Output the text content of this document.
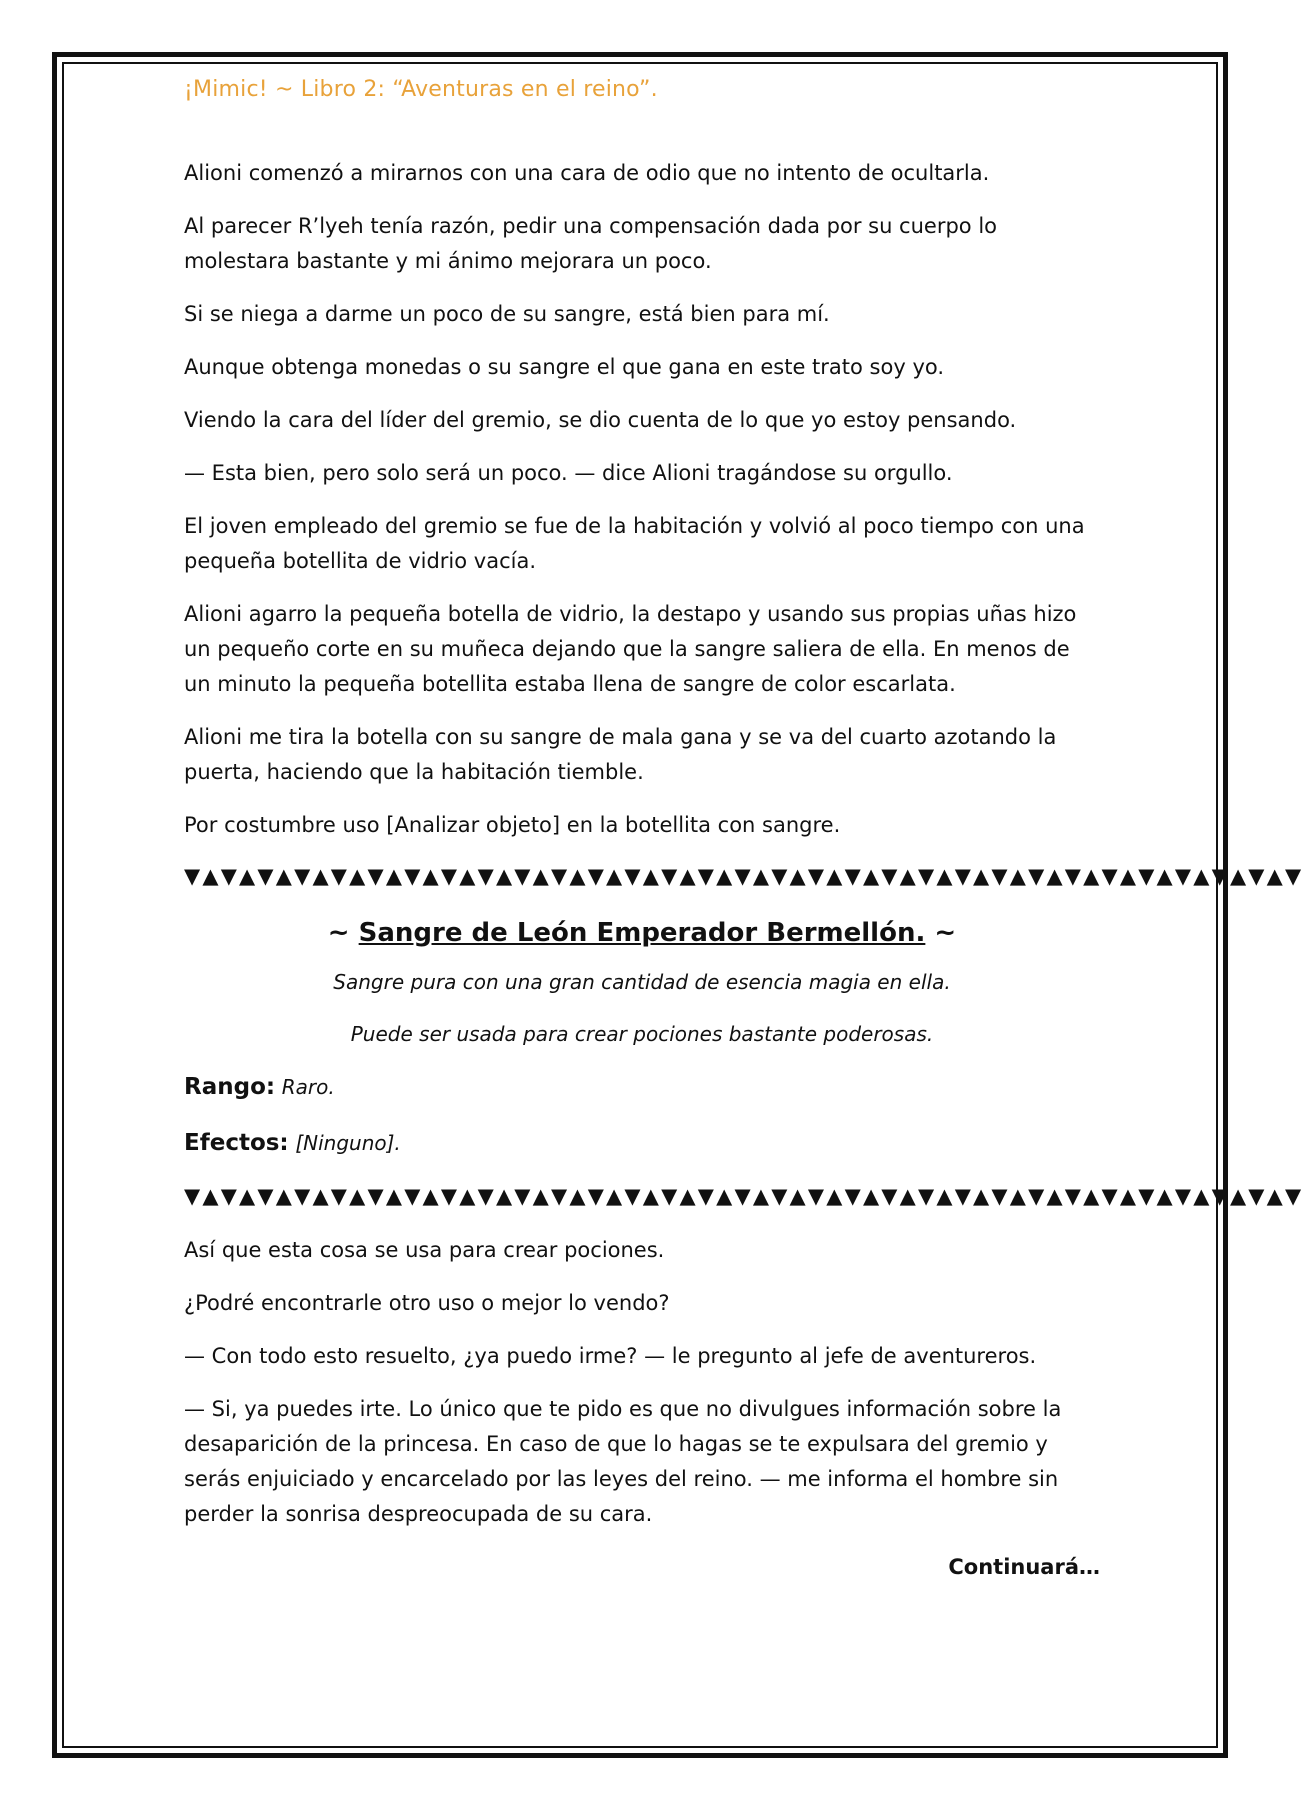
¡Mimic! ~ Libro 2: “Aventuras en el reino”.

Alioni comenzó a mirarnos con una cara de odio que no intento de ocultarla.

Al parecer R’lyeh tenía razón, pedir una compensación dada por su cuerpo lo molestara bastante y mi ánimo mejorara un poco.

Si se niega a darme un poco de su sangre, está bien para mí.

Aunque obtenga monedas o su sangre el que gana en este trato soy yo.

Viendo la cara del líder del gremio, se dio cuenta de lo que yo estoy pensando.

— Esta bien, pero solo será un poco. — dice Alioni tragándose su orgullo.

El joven empleado del gremio se fue de la habitación y volvió al poco tiempo con una pequeña botellita de vidrio vacía.

Alioni agarro la pequeña botella de vidrio, la destapo y usando sus propias uñas hizo un pequeño corte en su muñeca dejando que la sangre saliera de ella. En menos de un minuto la pequeña botellita estaba llena de sangre de color escarlata.

Alioni me tira la botella con su sangre de mala gana y se va del cuarto azotando la puerta, haciendo que la habitación tiemble.

Por costumbre uso [Analizar objeto] en la botellita con sangre.

▼▲▼▲▼▲▼▲▼▲▼▲▼▲▼▲▼▲▼▲▼▲▼▲▼▲▼▲▼▲▼▲▼▲▼▲▼▲▼▲▼▲▼▲▼▲▼▲▼▲▼▲▼▲▼▲▼▲▼▲▼
~ Sangre de León Emperador Bermellón. ~

Sangre pura con una gran cantidad de esencia magia en ella.

Puede ser usada para crear pociones bastante poderosas.

Rango: Raro.

Efectos: [Ninguno].

▼▲▼▲▼▲▼▲▼▲▼▲▼▲▼▲▼▲▼▲▼▲▼▲▼▲▼▲▼▲▼▲▼▲▼▲▼▲▼▲▼▲▼▲▼▲▼▲▼▲▼▲▼▲▼▲▼▲▼▲▼

Así que esta cosa se usa para crear pociones.

¿Podré encontrarle otro uso o mejor lo vendo?

— Con todo esto resuelto, ¿ya puedo irme? — le pregunto al jefe de aventureros.

— Si, ya puedes irte. Lo único que te pido es que no divulgues información sobre la desaparición de la princesa. En caso de que lo hagas se te expulsara del gremio y serás enjuiciado y encarcelado por las leyes del reino. — me informa el hombre sin perder la sonrisa despreocupada de su cara.

Continuará…
